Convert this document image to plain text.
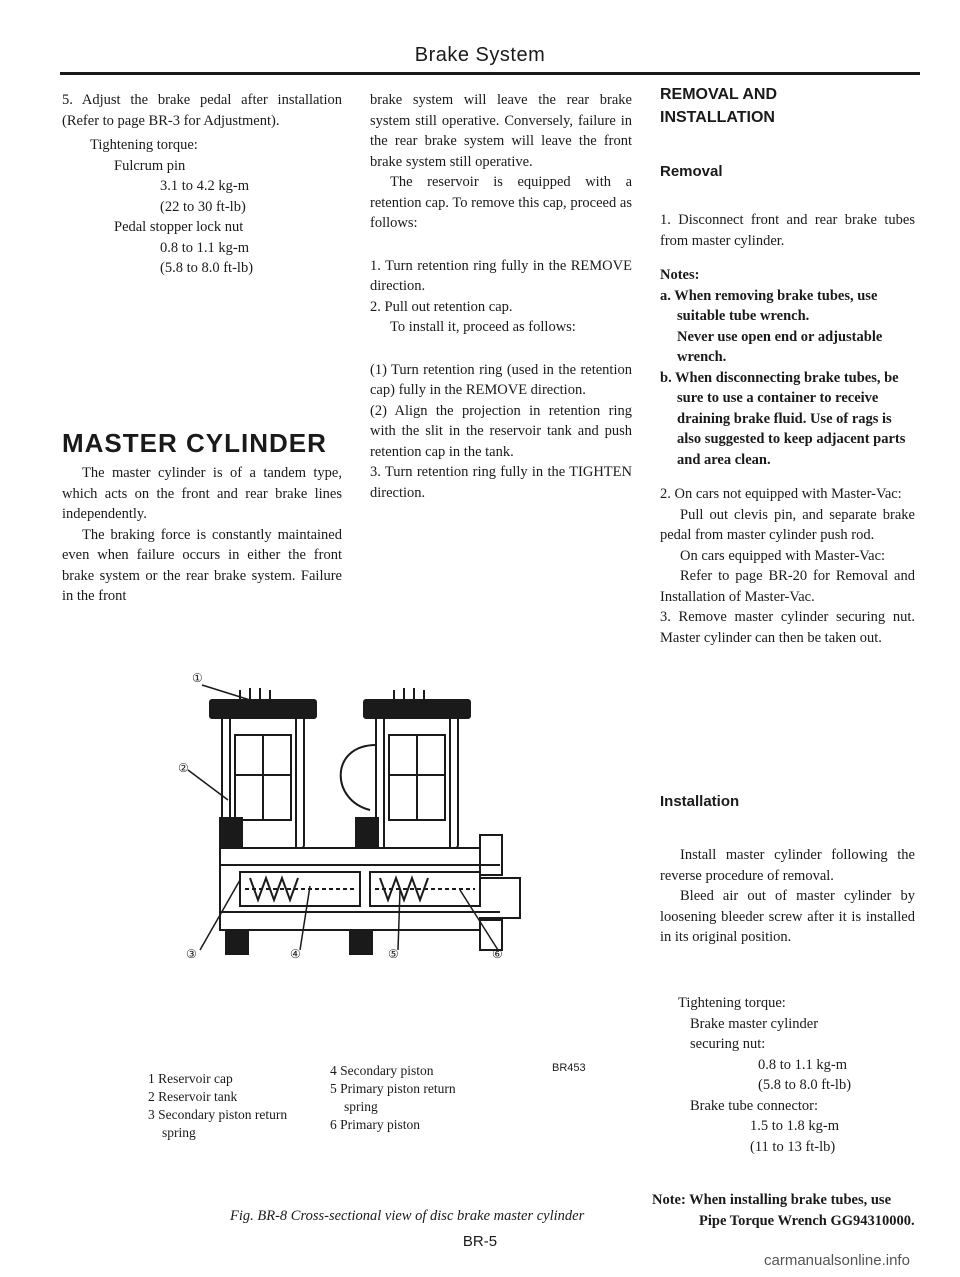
Brake System

5. Adjust the brake pedal after installation (Refer to page BR-3 for Adjustment).

Tightening torque:

Fulcrum pin

3.1 to 4.2 kg-m

(22 to 30 ft-lb)

Pedal stopper lock nut

0.8 to 1.1 kg-m

(5.8 to 8.0 ft-lb)

MASTER CYLINDER

The master cylinder is of a tandem type, which acts on the front and rear brake lines independently.

The braking force is constantly maintained even when failure occurs in either the front brake system or the rear brake system. Failure in the front

brake system will leave the rear brake system still operative. Conversely, failure in the rear brake system will leave the front brake system still operative.

The reservoir is equipped with a retention cap. To remove this cap, proceed as follows:

1. Turn retention ring fully in the REMOVE direction.

2. Pull out retention cap.

To install it, proceed as follows:

(1) Turn retention ring (used in the retention cap) fully in the REMOVE direction.

(2) Align the projection in retention ring with the slit in the reservoir tank and push retention cap in the tank.

3. Turn retention ring fully in the TIGHTEN direction.

REMOVAL AND
INSTALLATION
Removal

1. Disconnect front and rear brake tubes from master cylinder.

Notes:

a. When removing brake tubes, use

suitable tube wrench.

Never use open end or adjustable wrench.

b. When disconnecting brake tubes, be

sure to use a container to receive draining brake fluid. Use of rags is also suggested to keep adjacent parts and area clean.

2. On cars not equipped with Master-Vac:

Pull out clevis pin, and separate brake pedal from master cylinder push rod.

On cars equipped with Master-Vac:

Refer to page BR-20 for Removal and Installation of Master-Vac.

3. Remove master cylinder securing nut. Master cylinder can then be taken out.

Installation

Install master cylinder following the reverse procedure of removal.

Bleed air out of master cylinder by loosening bleeder screw after it is installed in its original position.

Tightening torque:

Brake master cylinder

securing nut:

0.8 to 1.1 kg-m

(5.8 to 8.0 ft-lb)

Brake tube connector:

1.5 to 1.8 kg-m

(11 to 13 ft-lb)

Note: When installing brake tubes, use

Pipe Torque Wrench GG94310000.

①
②
③	④	⑤	⑥
BR453

1 Reservoir cap

2 Reservoir tank

3 Secondary piston return

spring

4 Secondary piston

5 Primary piston return

spring

6 Primary piston

Fig. BR-8 Cross-sectional view of disc brake master cylinder
BR-5
carmanualsonline.info
